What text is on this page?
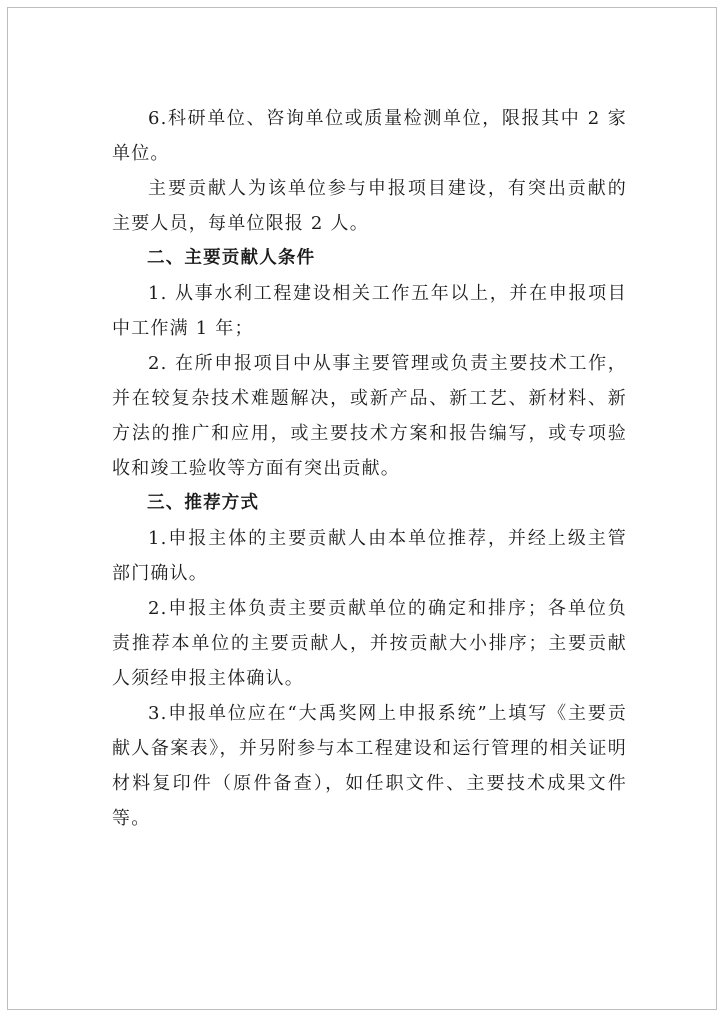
6.科研单位、咨询单位或质量检测单位，限报其中 2 家单位。

主要贡献人为该单位参与申报项目建设，有突出贡献的主要人员，每单位限报 2 人。

二、主要贡献人条件

1. 从事水利工程建设相关工作五年以上，并在申报项目中工作满 1 年；

2. 在所申报项目中从事主要管理或负责主要技术工作，并在较复杂技术难题解决，或新产品、新工艺、新材料、新方法的推广和应用，或主要技术方案和报告编写，或专项验收和竣工验收等方面有突出贡献。

三、推荐方式

1.申报主体的主要贡献人由本单位推荐，并经上级主管部门确认。

2.申报主体负责主要贡献单位的确定和排序；各单位负责推荐本单位的主要贡献人，并按贡献大小排序；主要贡献人须经申报主体确认。

3.申报单位应在“大禹奖网上申报系统”上填写《主要贡献人备案表》，并另附参与本工程建设和运行管理的相关证明材料复印件（原件备查），如任职文件、主要技术成果文件等。
